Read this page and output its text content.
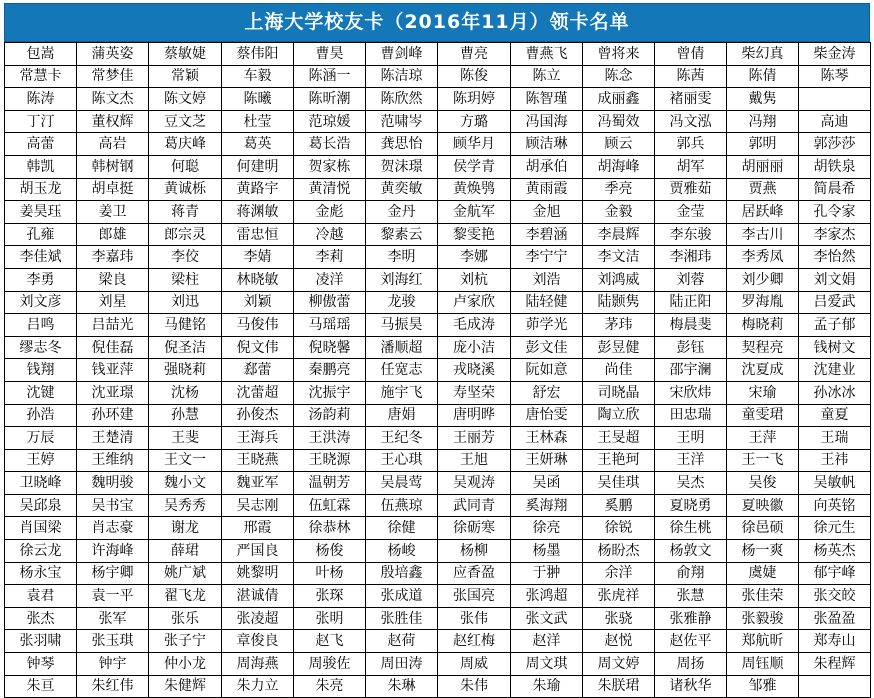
上海大学校友卡（2016年11月）领卡名单
包嵩	蒲英姿	蔡敏婕	蔡伟阳	曹昊	曹剑峰	曹亮	曹燕飞	曾将来	曾倩	柴幻真	柴金涛
常慧卡	常梦佳	常颖	车毅	陈涵一	陈洁琼	陈俊	陈立	陈念	陈茜	陈倩	陈琴
陈涛	陈文杰	陈文婷	陈曦	陈昕潮	陈欣然	陈玥婷	陈智瑾	成丽鑫	褚丽雯	戴隽	
丁汀	董权辉	豆文芝	杜莹	范琼媛	范啸岑	方璐	冯国海	冯蜀效	冯文泓	冯翔	高迪
高蕾	高岩	葛庆峰	葛英	葛长浩	龚思怡	顾华月	顾洁琳	顾云	郭兵	郭明	郭莎莎
韩凯	韩树钢	何聪	何建明	贺家栋	贺沫璟	侯学青	胡承伯	胡海峰	胡军	胡丽丽	胡铁泉
胡玉龙	胡卓挺	黄诚栎	黄路宇	黄清悦	黄奕敏	黄焕鸮	黄雨霞	季亮	贾雅茹	贾燕	简晨希
姜昊珏	姜卫	蒋青	蒋渊敏	金彪	金丹	金航军	金旭	金毅	金莹	居跃峰	孔令家
孔雍	郎雄	郎宗灵	雷忠恒	冷越	黎素云	黎雯艳	李碧涵	李晨辉	李东骏	李古川	李家杰
李佳斌	李嘉玮	李佼	李婧	李莉	李明	李娜	李宁宁	李文洁	李湘玮	李秀凤	李怡然
李勇	梁良	梁柱	林晓敏	凌洋	刘海红	刘杭	刘浩	刘鸿威	刘蓉	刘少卿	刘文娟
刘文彦	刘星	刘迅	刘颖	柳傲蕾	龙骏	卢家欣	陆轻健	陆颢隽	陆正阳	罗海胤	吕爱武
吕鸣	吕喆光	马健铭	马俊伟	马瑶瑶	马振昊	毛成涛	茆学光	茅玮	梅晨斐	梅晓莉	孟子郁
缪志冬	倪佳磊	倪圣洁	倪文伟	倪晓馨	潘顺超	庞小洁	彭文佳	彭昱健	彭钰	契程亮	钱树文
钱翔	钱亚萍	强晓莉	郄蕾	秦鹏亮	任宽志	戎晓溪	阮如意	尚佳	邵宇澜	沈夏成	沈建业
沈键	沈亚璟	沈杨	沈蕾超	沈振宇	施宇飞	寿坚荣	舒宏	司晓晶	宋欣炜	宋瑜	孙冰冰
孙浩	孙环建	孙慧	孙俊杰	汤韵莉	唐娟	唐明晔	唐怡雯	陶立欣	田忠瑞	童雯珺	童夏
万辰	王楚清	王斐	王海兵	王洪涛	王纪冬	王丽芳	王林森	王旻超	王明	王萍	王瑞
王婷	王维纳	王文一	王晓燕	王晓源	王心琪	王旭	王妍琳	王艳珂	王洋	王一飞	王祎
卫晓峰	魏明骏	魏小文	魏亚军	温朝芳	吴晨莺	吴观涛	吴函	吴佳琪	吴杰	吴俊	吴敏帆
吴邱泉	吴书宝	吴秀秀	吴志刚	伍虹霖	伍燕琼	武同青	奚海翔	奚鹏	夏晓勇	夏映徽	向英铭
肖国梁	肖志豪	谢龙	邢霞	徐恭林	徐健	徐砺寒	徐亮	徐锐	徐生桃	徐邑硕	徐元生
徐云龙	许海峰	薛珺	严国良	杨俊	杨峻	杨柳	杨墨	杨盼杰	杨敦文	杨一爽	杨英杰
杨永宝	杨宇卿	姚广斌	姚黎明	叶杨	殷培鑫	应香盈	于翀	余洋	俞翔	虞婕	郁宇峰
袁君	袁一平	翟飞龙	湛诚倩	张琛	张成道	张国亮	张鸿超	张虎祥	张慧	张佳荣	张交皎
张杰	张军	张乐	张凌超	张明	张胜佳	张伟	张文武	张骁	张雅静	张毅骏	张盈盈
张羽啸	张玉琪	张子宁	章俊良	赵飞	赵荷	赵红梅	赵洋	赵悦	赵佐平	郑航昕	郑寿山
钟琴	钟宇	仲小龙	周海燕	周骏佐	周田涛	周威	周文琪	周文婷	周扬	周钰顺	朱程辉
朱亘	朱红伟	朱健辉	朱力立	朱亮	朱琳	朱伟	朱瑜	朱朕珺	诸秋华	邹雅	
